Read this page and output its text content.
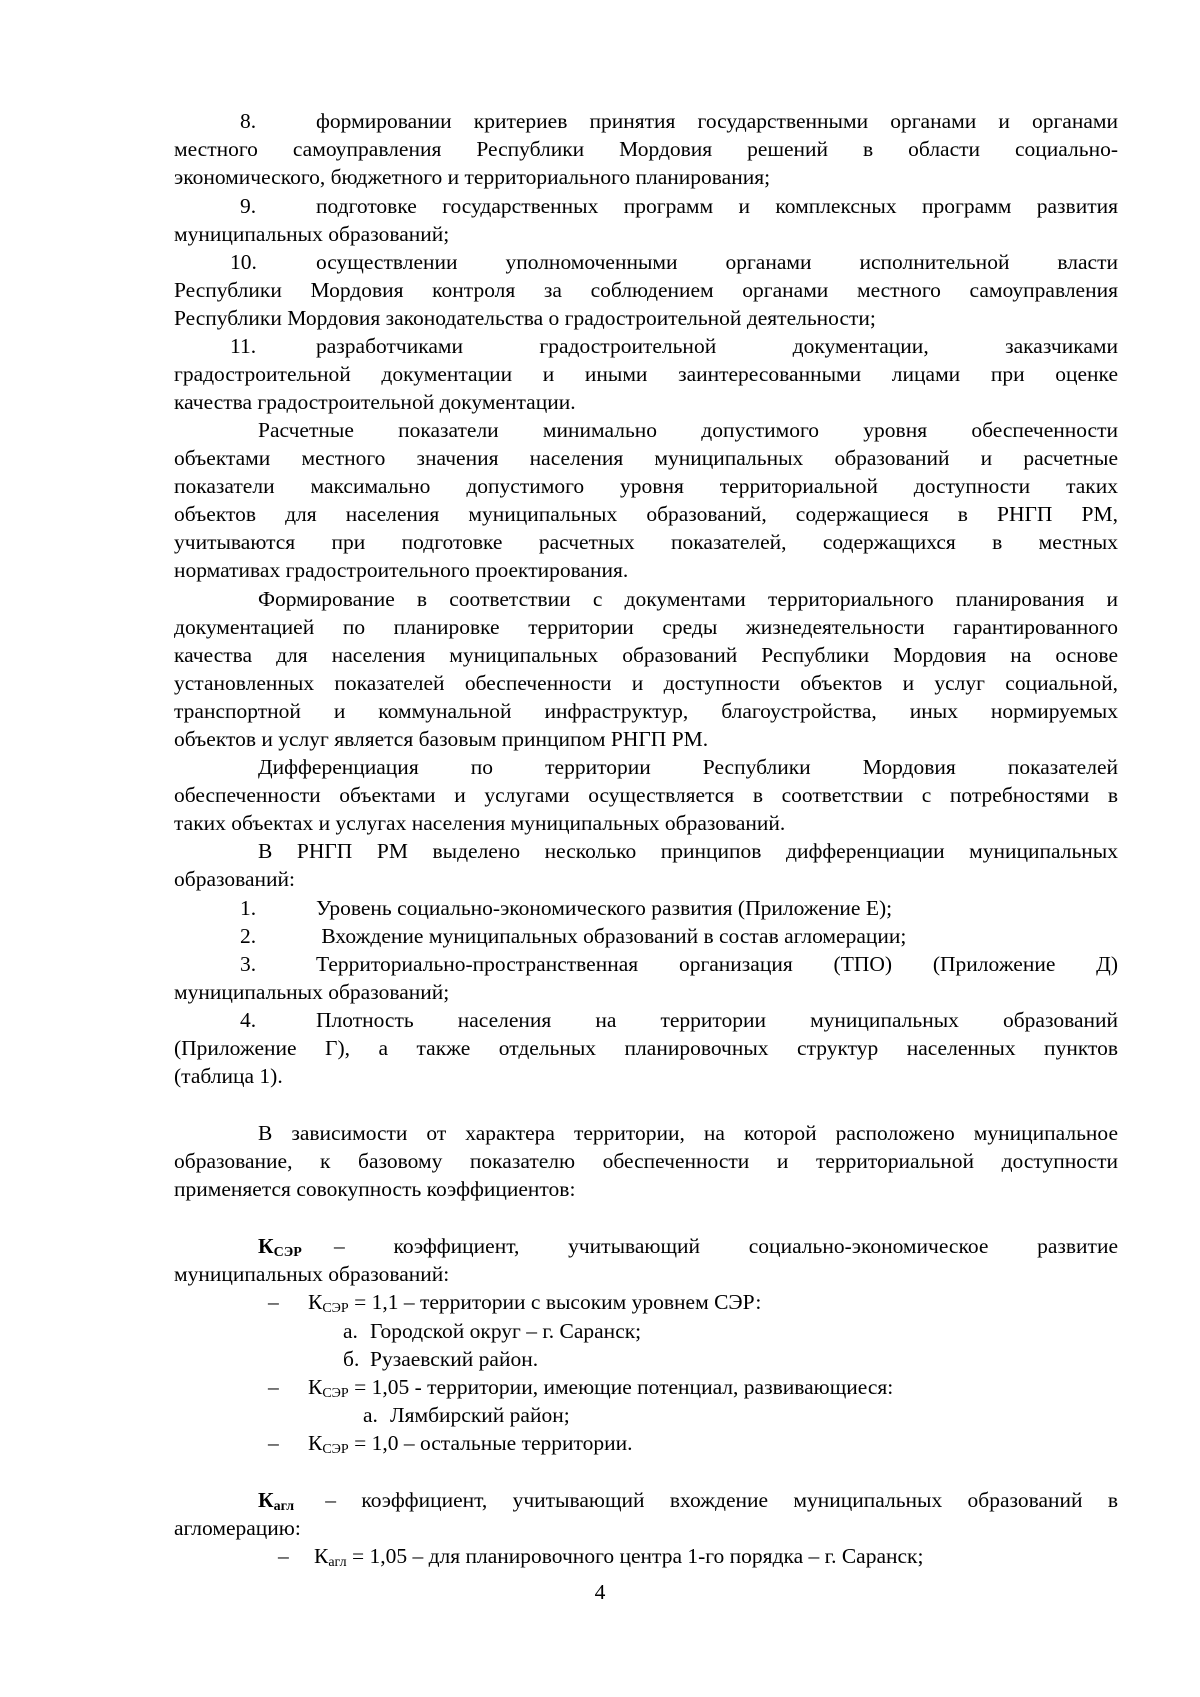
8.	формировании критериев принятия государственными органами и органами
местного самоуправления Республики Мордовия решений в области социально-
экономического, бюджетного и территориального планирования;
9.	подготовке государственных программ и комплексных программ развития
муниципальных образований;
10.	осуществлении уполномоченными органами исполнительной власти
Республики Мордовия контроля за соблюдением органами местного самоуправления
Республики Мордовия законодательства о градостроительной деятельности;
11.	разработчиками градостроительной документации, заказчиками
градостроительной документации и иными заинтересованными лицами при оценке
качества градостроительной документации.
Расчетные показатели минимально допустимого уровня обеспеченности
объектами местного значения населения муниципальных образований и расчетные
показатели максимально допустимого уровня территориальной доступности таких
объектов для населения муниципальных образований, содержащиеся в РНГП РМ,
учитываются при подготовке расчетных показателей, содержащихся в местных
нормативах градостроительного проектирования.
Формирование в соответствии с документами территориального планирования и
документацией по планировке территории среды жизнедеятельности гарантированного
качества для населения муниципальных образований Республики Мордовия на основе
установленных показателей обеспеченности и доступности объектов и услуг социальной,
транспортной и коммунальной инфраструктур, благоустройства, иных нормируемых
объектов и услуг является базовым принципом РНГП РМ.
Дифференциация по территории Республики Мордовия показателей
обеспеченности объектами и услугами осуществляется в соответствии с потребностями в
таких объектах и услугах населения муниципальных образований.
В РНГП РМ выделено несколько принципов дифференциации муниципальных
образований:
1.	Уровень социально-экономического развития (Приложение Е);
2.	Вхождение муниципальных образований в состав агломерации;
3.	Территориально-пространственная организация (ТПО) (Приложение Д)
муниципальных образований;
4.	Плотность населения на территории муниципальных образований
(Приложение Г), а также отдельных планировочных структур населенных пунктов
(таблица 1).
В зависимости от характера территории, на которой расположено муниципальное
образование, к базовому показателю обеспеченности и территориальной доступности
применяется совокупность коэффициентов:
$К_{СЭР}$ – коэффициент, учитывающий социально-экономическое развитие
муниципальных образований:
– $К_{СЭР} = 1,1$ – территории с высоким уровнем СЭР:
а. Городской округ – г. Саранск;
б. Рузаевский район.
– $К_{СЭР} = 1,05$ - территории, имеющие потенциал, развивающиеся:
а. Лямбирский район;
– $К_{СЭР} = 1,0$ – остальные территории.
$К_{агл}$ – коэффициент, учитывающий вхождение муниципальных образований в
агломерацию:
– $К_{агл} = 1,05$ – для планировочного центра 1-го порядка – г. Саранск;
4
